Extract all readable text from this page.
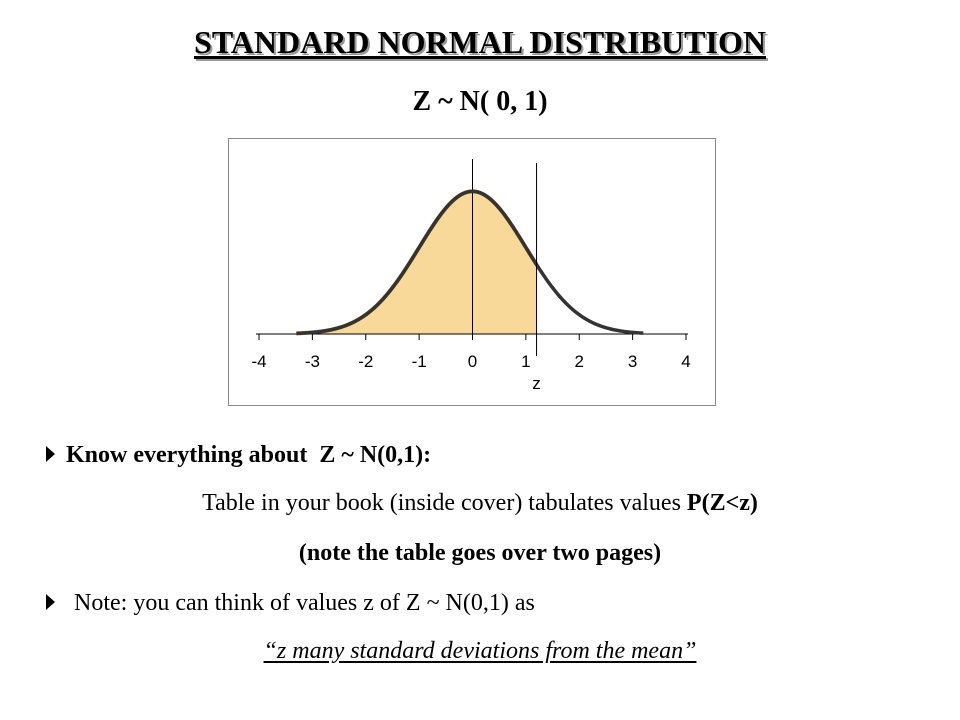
STANDARD NORMAL DISTRIBUTION
Z ~ N( 0, 1)
-4 -3 -2 -1 0	1	2	3	4
z
Know everything about Z ~ N(0,1):
Table in your book (inside cover) tabulates values P(Z<z)
(note the table goes over two pages)
Note: you can think of values z of Z ~ N(0,1) as
“z many standard deviations from the mean”
